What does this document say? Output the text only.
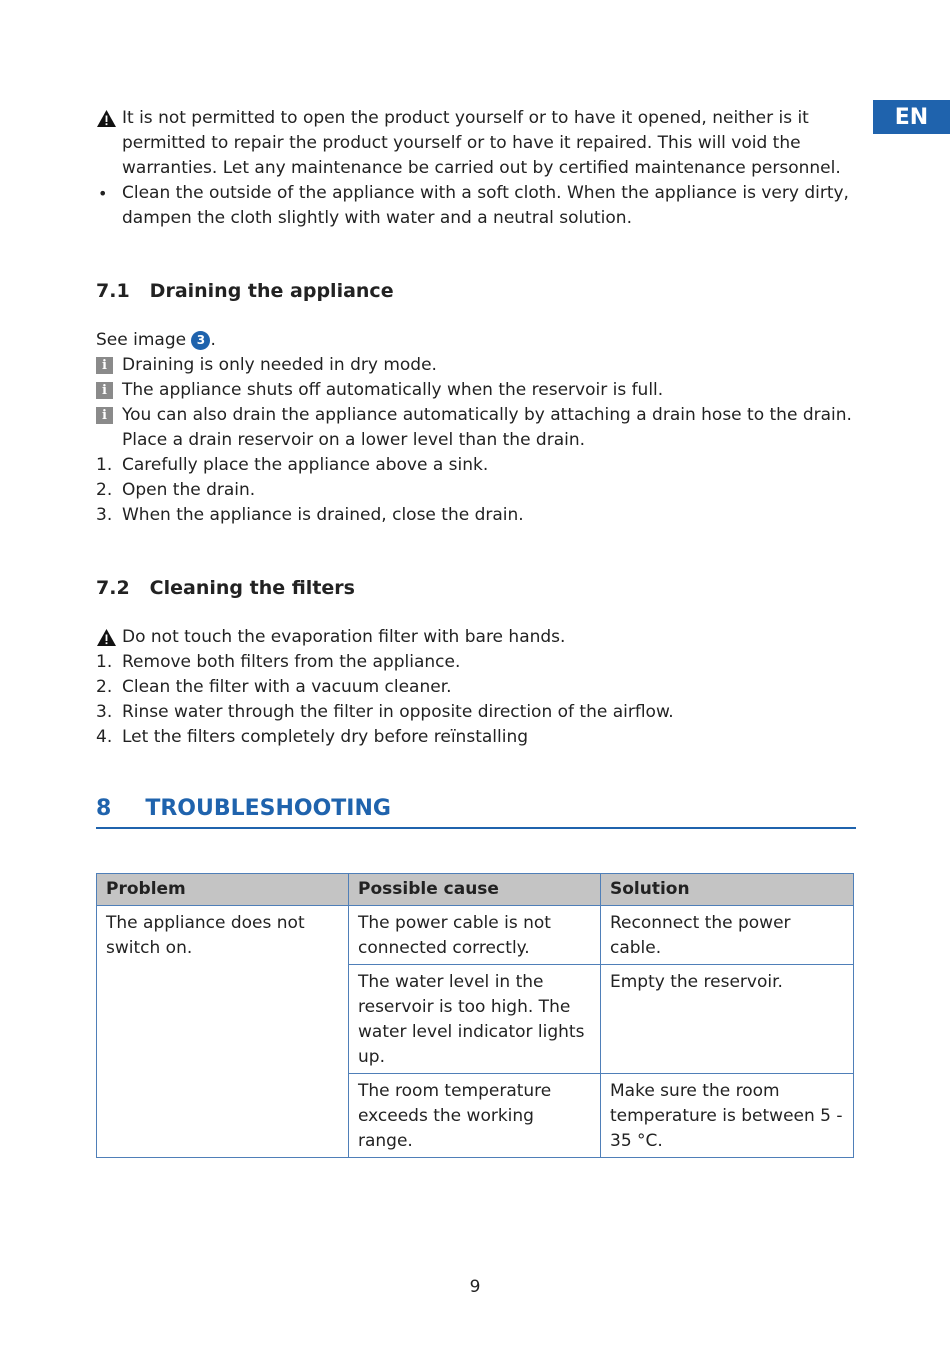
EN
It is not permitted to open the product yourself or to have it opened, neither is it permitted to repair the product yourself or to have it repaired. This will void the warranties. Let any maintenance be carried out by certified maintenance personnel.
• Clean the outside of the appliance with a soft cloth. When the appliance is very dirty, dampen the cloth slightly with water and a neutral solution.
7.1 Draining the appliance
See image 3 .
i Draining is only needed in dry mode.
i The appliance shuts off automatically when the reservoir is full.
i You can also drain the appliance automatically by attaching a drain hose to the drain. Place a drain reservoir on a lower level than the drain.
1. Carefully place the appliance above a sink.
2. Open the drain.
3. When the appliance is drained, close the drain.
7.2 Cleaning the filters
Do not touch the evaporation filter with bare hands.
1. Remove both filters from the appliance.
2. Clean the filter with a vacuum cleaner.
3. Rinse water through the filter in opposite direction of the airflow.
4. Let the filters completely dry before reïnstalling
8 TROUBLESHOOTING
Problem	Possible cause	Solution
The appliance does not switch on.	The power cable is not connected correctly.	Reconnect the power cable.
	The water level in the reservoir is too high. The water level indicator lights up.	Empty the reservoir.
	The room temperature exceeds the working range.	Make sure the room temperature is between 5 - 35 °C.
9
